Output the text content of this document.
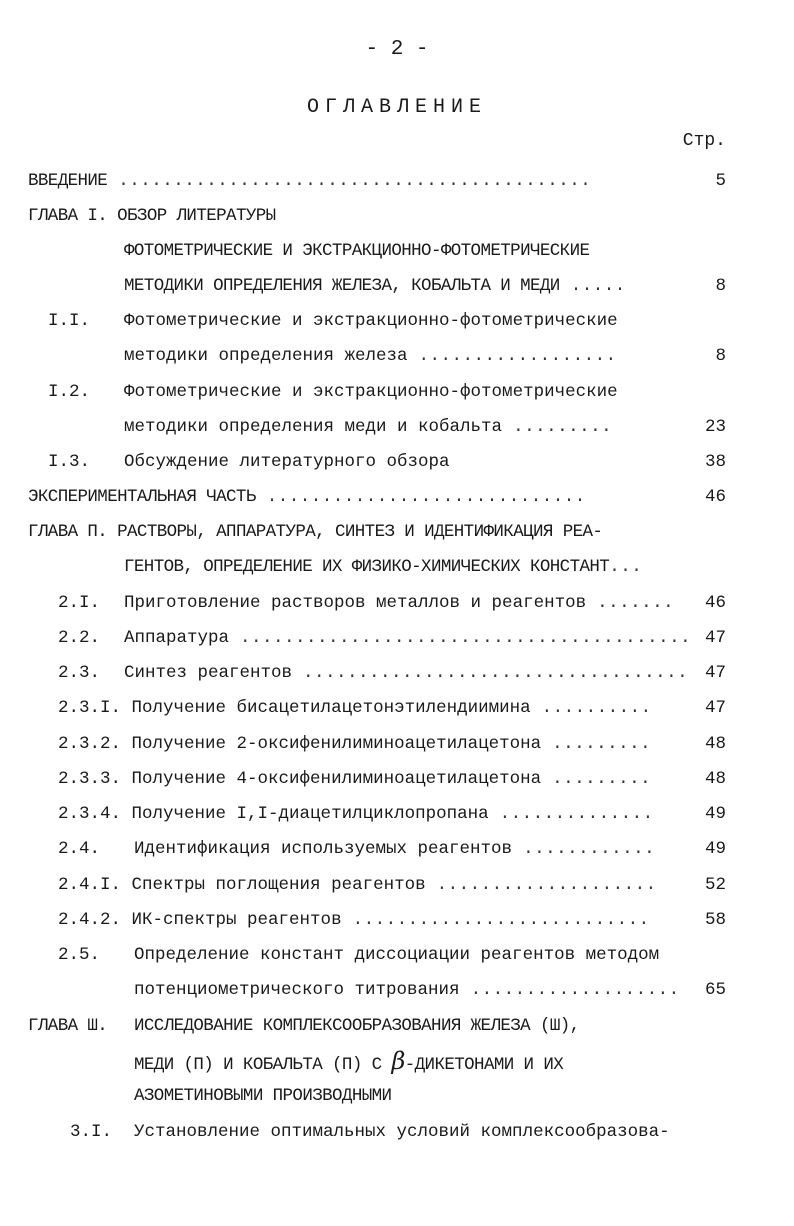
- 2 -
ОГЛАВЛЕНИЕ
Стр.
ВВЕДЕНИЕ ...........................................	5
ГЛАВА I. ОБЗОР ЛИТЕРАТУРЫ
ФОТОМЕТРИЧЕСКИЕ И ЭКСТРАКЦИОННО-ФОТОМЕТРИЧЕСКИЕ
МЕТОДИКИ ОПРЕДЕЛЕНИЯ ЖЕЛЕЗА, КОБАЛЬТА И МЕДИ .....	8
I.I. Фотометрические и экстракционно-фотометрические
методики определения железа ..................	8
I.2. Фотометрические и экстракционно-фотометрические
методики определения меди и кобальта .........	23
I.3. Обсуждение литературного обзора	38
ЭКСПЕРИМЕНТАЛЬНАЯ ЧАСТЬ .............................	46
ГЛАВА П. РАСТВОРЫ, АППАРАТУРА, СИНТЕЗ И ИДЕНТИФИКАЦИЯ РЕА-
ГЕНТОВ, ОПРЕДЕЛЕНИЕ ИХ ФИЗИКО-ХИМИЧЕСКИХ КОНСТАНТ...
2.I. Приготовление растворов металлов и реагентов ....... 46
2.2. Аппаратура ......................................... 47
2.3. Синтез реагентов ................................... 47
2.3.I. Получение бисацетилацетонэтилендиимина ..........	47
2.3.2. Получение 2-оксифенилиминоацетилацетона .........	48
2.3.3. Получение 4-оксифенилиминоацетилацетона .........	48
2.3.4. Получение I,I-диацетилциклопропана ..............	49
2.4. Идентификация используемых реагентов ............	49
2.4.I. Спектры поглощения реагентов ....................	52
2.4.2. ИК-спектры реагентов ...........................	58
2.5. Определение констант диссоциации реагентов методом
потенциометрического титрования ................... 65
ГЛАВА Ш. ИССЛЕДОВАНИЕ КОМПЛЕКСООБРАЗОВАНИЯ ЖЕЛЕЗА (Ш),
МЕДИ (П) И КОБАЛЬТА (П) С β-ДИКЕТОНАМИ И ИХ
АЗОМЕТИНОВЫМИ ПРОИЗВОДНЫМИ
3.I. Установление оптимальных условий комплексообразова-
